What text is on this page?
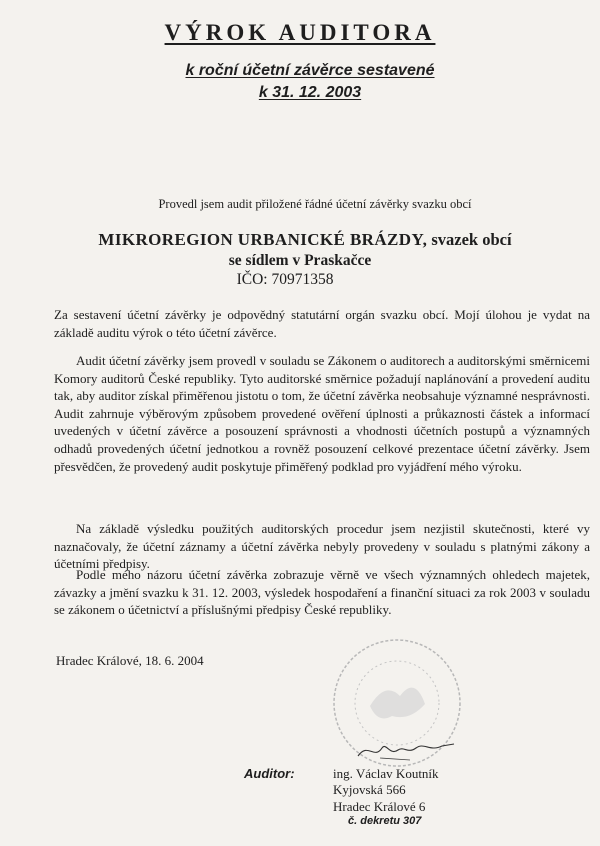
VÝROK AUDITORA
k roční účetní závěrce sestavené
k 31. 12. 2003
Provedl jsem audit přiložené řádné účetní závěrky svazku obcí
MIKROREGION URBANICKÉ BRÁZDY, svazek obcí
se sídlem v Praskačce
IČO: 70971358
Za sestavení účetní závěrky je odpovědný statutární orgán svazku obcí. Mojí úlohou je vydat na základě auditu výrok o této účetní závěrce.
Audit účetní závěrky jsem provedl v souladu se Zákonem o auditorech a auditorskými směrnicemi Komory auditorů České republiky. Tyto auditorské směrnice požadují naplánování a provedení auditu tak, aby auditor získal přiměřenou jistotu o tom, že účetní závěrka neobsahuje významné nesprávnosti. Audit zahrnuje výběrovým způsobem provedené ověření úplnosti a průkaznosti částek a informací uvedených v účetní závěrce a posouzení správnosti a vhodnosti účetních postupů a významných odhadů provedených účetní jednotkou a rovněž posouzení celkové prezentace účetní závěrky. Jsem přesvědčen, že provedený audit poskytuje přiměřený podklad pro vyjádření mého výroku.
Na základě výsledku použitých auditorských procedur jsem nezjistil skutečnosti, které vy naznačovaly, že účetní záznamy a účetní závěrka nebyly provedeny v souladu s platnými zákony a účetními předpisy.
Podle mého názoru účetní závěrka zobrazuje věrně ve všech významných ohledech majetek, závazky a jmění svazku k 31. 12. 2003, výsledek hospodaření a finanční situaci za rok 2003 v souladu se zákonem o účetnictví a příslušnými předpisy České republiky.
Hradec Králové, 18. 6. 2004
Auditor:	ing. Václav Koutník
Kyjovská 566
Hradec Králové 6
č. dekretu 307
